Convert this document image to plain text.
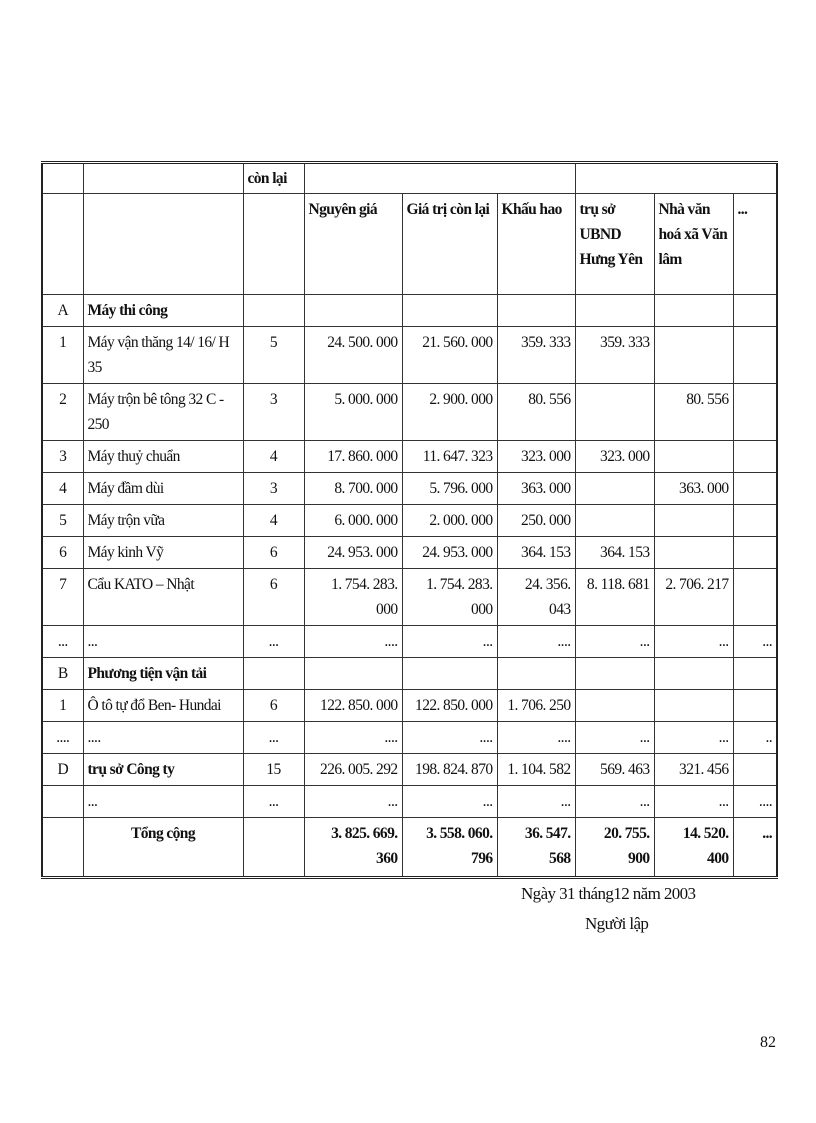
		còn lại						
			Nguyên giá	Giá trị còn lại	Khấu hao	trụ sở UBND Hưng Yên	Nhà văn hoá xã Văn lâm	...
A	Máy thi công							
1	Máy vận thăng 14/ 16/ H 35	5	24. 500. 000	21. 560. 000	359. 333	359. 333		
2	Máy trộn bê tông 32 C - 250	3	5. 000. 000	2. 900. 000	80. 556		80. 556	
3	Máy thuỷ chuẩn	4	17. 860. 000	11. 647. 323	323. 000	323. 000		
4	Máy đầm dùi	3	8. 700. 000	5. 796. 000	363. 000		363. 000	
5	Máy trộn vữa	4	6. 000. 000	2. 000. 000	250. 000			
6	Máy kinh Vỹ	6	24. 953. 000	24. 953. 000	364. 153	364. 153		
7	Cẩu KATO – Nhật	6	1. 754. 283. 000	1. 754. 283. 000	24. 356. 043	8. 118. 681	2. 706. 217	
...	...	...	....	...	....	...	...	...
B	Phương tiện vận tải							
1	Ô tô tự đổ Ben- Hundai	6	122. 850. 000	122. 850. 000	1. 706. 250			
....	....	...	....	....	....	...	...	..
D	trụ sở Công ty	15	226. 005. 292	198. 824. 870	1. 104. 582	569. 463	321. 456	
	...	...	...	...	...	...	...	....
	Tổng cộng		3. 825. 669. 360	3. 558. 060. 796	36. 547. 568	20. 755. 900	14. 520. 400	...
Ngày 31 tháng12 năm 2003
Người lập
82
